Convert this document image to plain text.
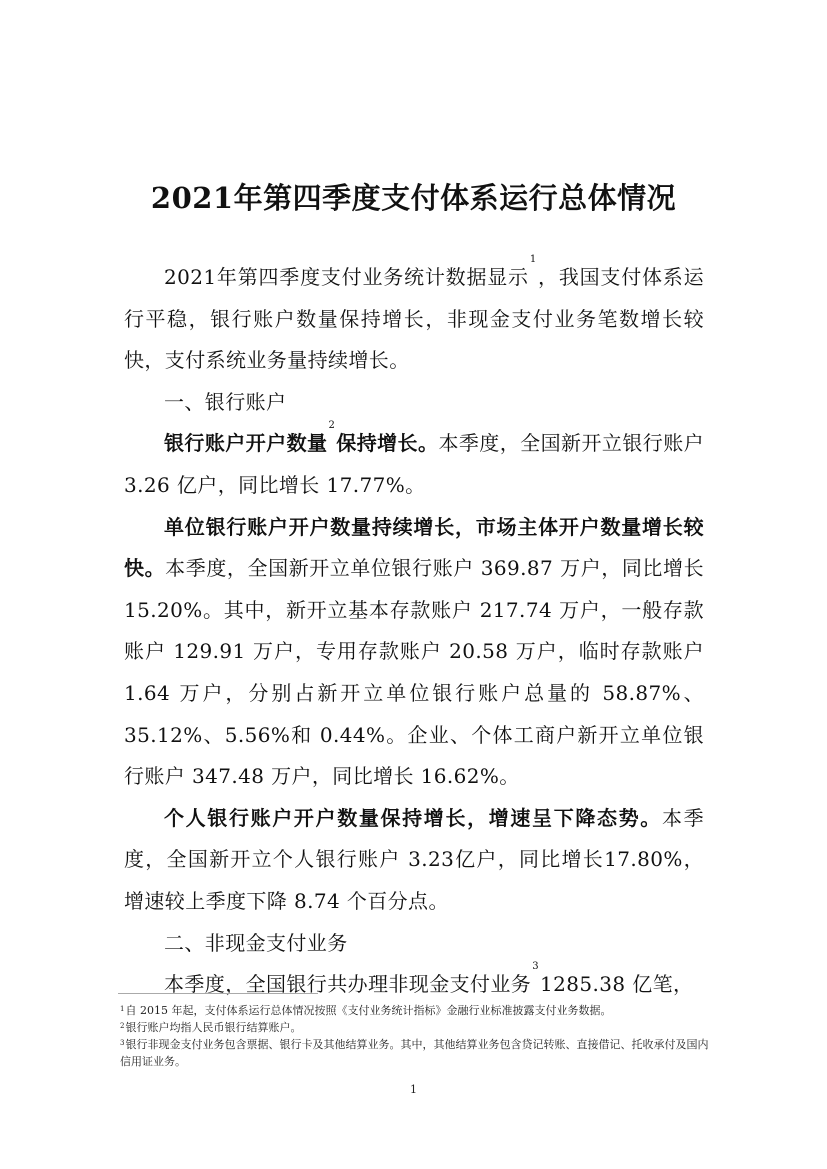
2021年第四季度支付体系运行总体情况

2021年第四季度支付业务统计数据显示$^1$，我国支付体系运行平稳，银行账户数量保持增长，非现金支付业务笔数增长较快，支付系统业务量持续增长。

一、银行账户

银行账户开户数量$^2$保持增长。本季度，全国新开立银行账户 3.26 亿户，同比增长 17.77%。

单位银行账户开户数量持续增长，市场主体开户数量增长较快。本季度，全国新开立单位银行账户 369.87 万户，同比增长 15.20%。其中，新开立基本存款账户 217.74 万户，一般存款账户 129.91 万户，专用存款账户 20.58 万户，临时存款账户 1.64 万户，分别占新开立单位银行账户总量的 58.87%、35.12%、5.56%和 0.44%。企业、个体工商户新开立单位银行账户 347.48 万户，同比增长 16.62%。

个人银行账户开户数量保持增长，增速呈下降态势。本季度，全国新开立个人银行账户 3.23亿户，同比增长17.80%，增速较上季度下降 8.74 个百分点。

二、非现金支付业务

本季度，全国银行共办理非现金支付业务$^3$1285.38 亿笔，

$^1$自 2015 年起，支付体系运行总体情况按照《支付业务统计指标》金融行业标准披露支付业务数据。

$^2$银行账户均指人民币银行结算账户。

$^3$银行非现金支付业务包含票据、银行卡及其他结算业务。其中，其他结算业务包含贷记转账、直接借记、托收承付及国内信用证业务。

1
